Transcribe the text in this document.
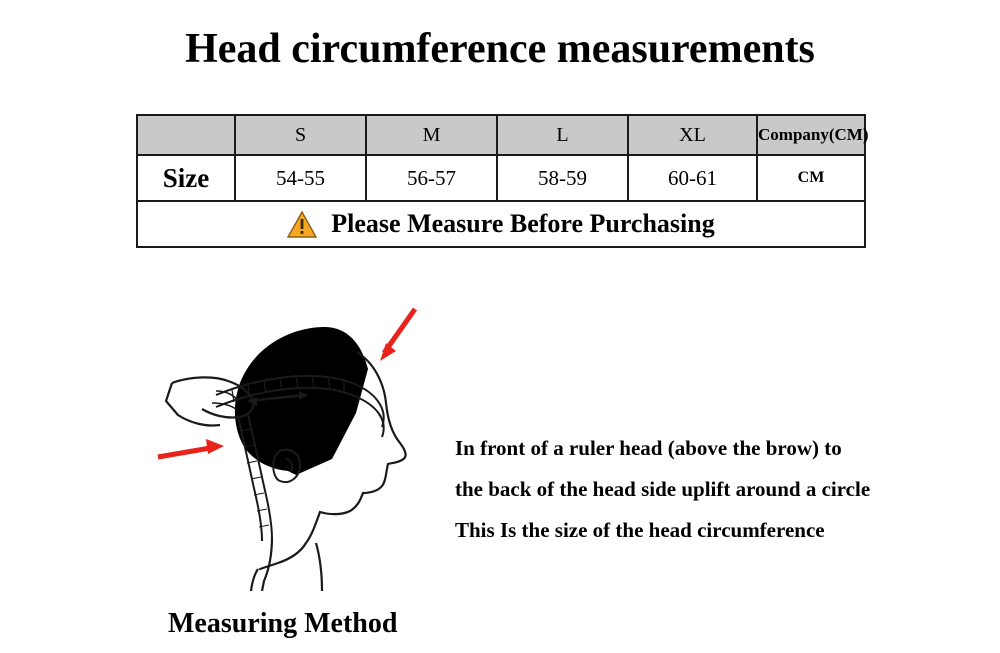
Head circumference measurements
	S	M	L	XL	Company(CM)
Size	54-55	56-57	58-59	60-61	CM

Please Measure Before Purchasing					
Measuring Method
In front of a ruler head (above the brow) to
the back of the head side uplift around a circle
This Is the size of the head circumference
